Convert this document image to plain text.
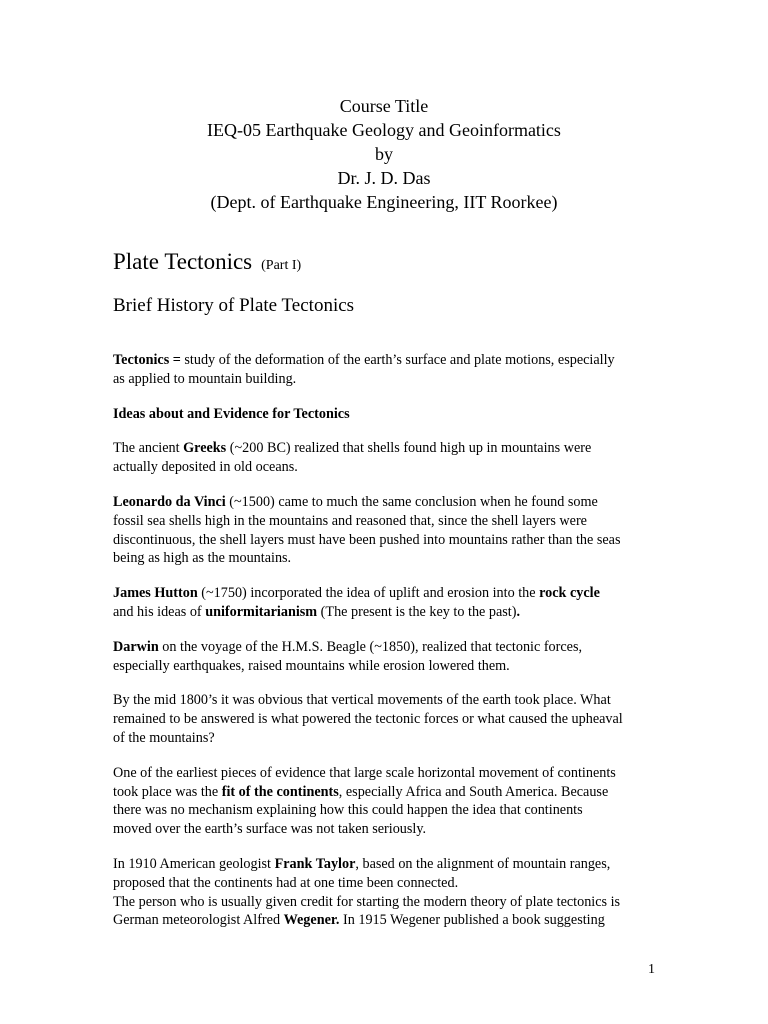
Course Title
IEQ-05 Earthquake Geology and Geoinformatics
by
Dr. J. D. Das
(Dept. of Earthquake Engineering, IIT Roorkee)
Plate Tectonics (Part I)
Brief History of Plate Tectonics
Tectonics = study of the deformation of the earth’s surface and plate motions, especially
as applied to mountain building.
Ideas about and Evidence for Tectonics
The ancient Greeks (~200 BC) realized that shells found high up in mountains were
actually deposited in old oceans.
Leonardo da Vinci (~1500) came to much the same conclusion when he found some
fossil sea shells high in the mountains and reasoned that, since the shell layers were
discontinuous, the shell layers must have been pushed into mountains rather than the seas
being as high as the mountains.
James Hutton (~1750) incorporated the idea of uplift and erosion into the rock cycle
and his ideas of uniformitarianism (The present is the key to the past).
Darwin on the voyage of the H.M.S. Beagle (~1850), realized that tectonic forces,
especially earthquakes, raised mountains while erosion lowered them.
By the mid 1800’s it was obvious that vertical movements of the earth took place. What
remained to be answered is what powered the tectonic forces or what caused the upheaval
of the mountains?
One of the earliest pieces of evidence that large scale horizontal movement of continents
took place was the fit of the continents, especially Africa and South America. Because
there was no mechanism explaining how this could happen the idea that continents
moved over the earth’s surface was not taken seriously.
In 1910 American geologist Frank Taylor, based on the alignment of mountain ranges,
proposed that the continents had at one time been connected.
The person who is usually given credit for starting the modern theory of plate tectonics is
German meteorologist Alfred Wegener. In 1915 Wegener published a book suggesting
1
